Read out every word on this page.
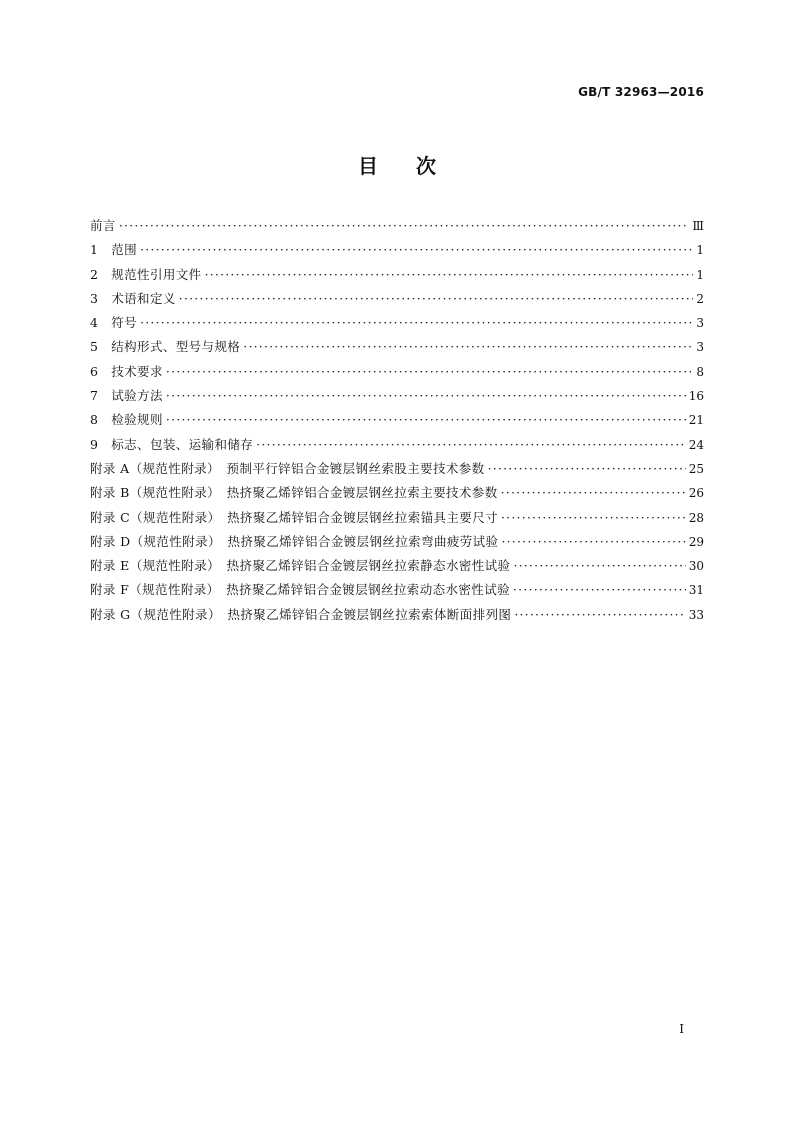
GB/T 32963—2016
目次
前言 ·····	Ⅲ
1　范围 ·····	1
2　规范性引用文件 ·····	1
3　术语和定义 ·····	2
4　符号 ·····	3
5　结构形式、型号与规格 ·····	3
6　技术要求 ·····	8
7　试验方法 ·····	16
8　检验规则 ·····	21
9　标志、包装、运输和储存 ·····	24
附录 A（规范性附录）　预制平行锌铝合金镀层钢丝索股主要技术参数 ·····	25
附录 B（规范性附录）　热挤聚乙烯锌铝合金镀层钢丝拉索主要技术参数 ·····	26
附录 C（规范性附录）　热挤聚乙烯锌铝合金镀层钢丝拉索锚具主要尺寸 ·····	28
附录 D（规范性附录）　热挤聚乙烯锌铝合金镀层钢丝拉索弯曲疲劳试验 ·····	29
附录 E（规范性附录）　热挤聚乙烯锌铝合金镀层钢丝拉索静态水密性试验 ·····	30
附录 F（规范性附录）　热挤聚乙烯锌铝合金镀层钢丝拉索动态水密性试验 ·····	31
附录 G（规范性附录）　热挤聚乙烯锌铝合金镀层钢丝拉索索体断面排列图 ·····	33
Ⅰ
